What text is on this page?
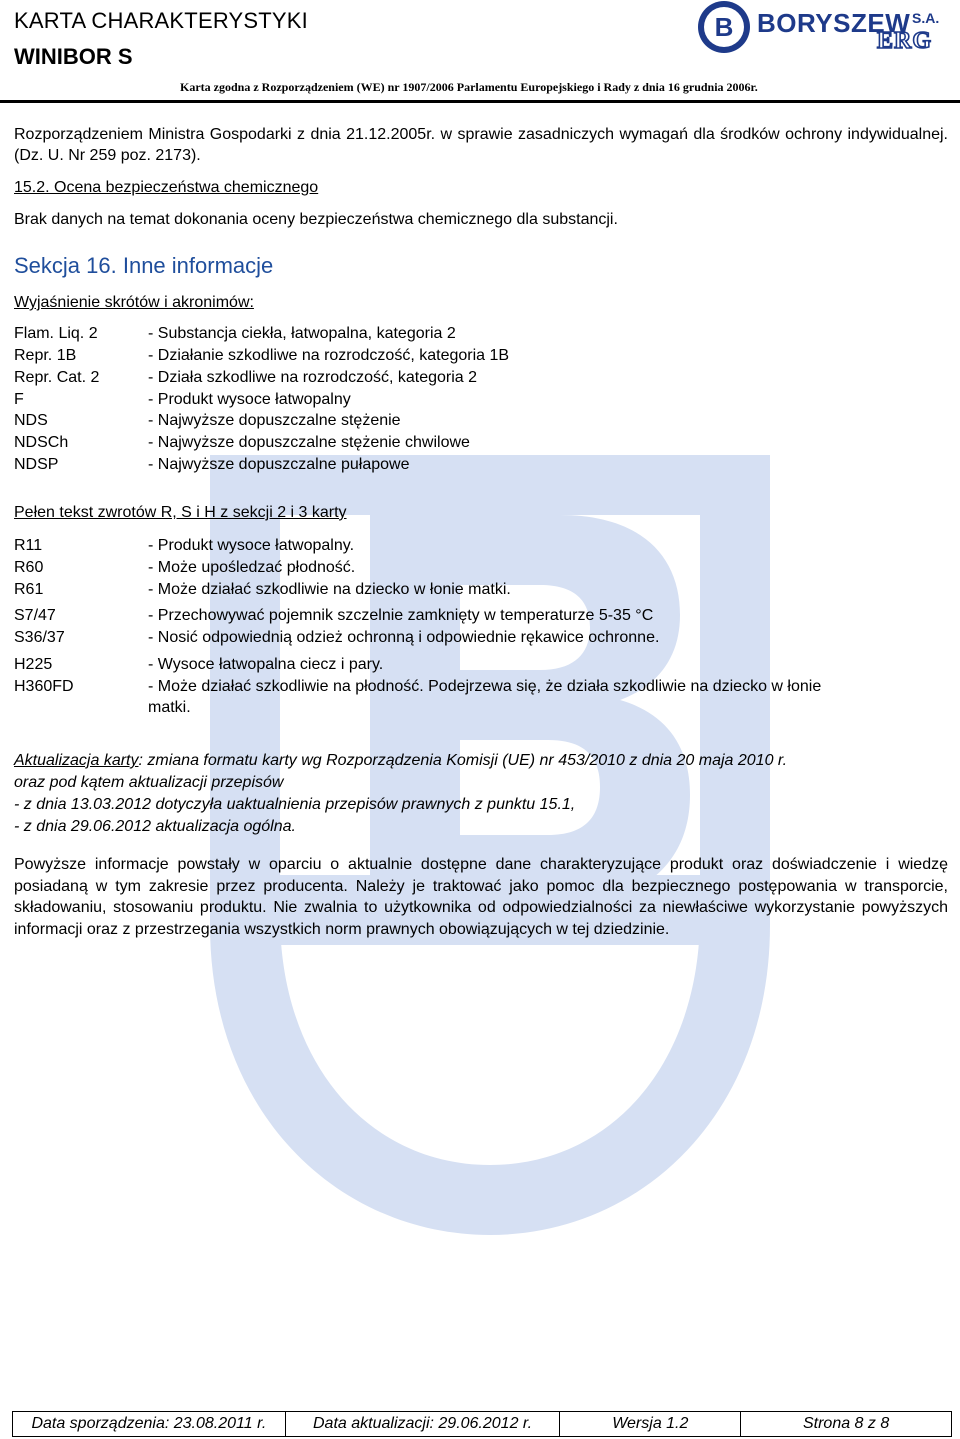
KARTA CHARAKTERYSTYKI
WINIBOR S
B BORYSZEW S.A.
ERG
Karta zgodna z Rozporządzeniem (WE) nr 1907/2006 Parlamentu Europejskiego i Rady z dnia 16 grudnia 2006r.
Rozporządzeniem Ministra Gospodarki z dnia 21.12.2005r. w sprawie zasadniczych wymagań dla środków ochrony indywidualnej. (Dz. U. Nr 259 poz. 2173).
15.2. Ocena bezpieczeństwa chemicznego
Brak danych na temat dokonania oceny bezpieczeństwa chemicznego dla substancji.
Sekcja 16. Inne informacje
Wyjaśnienie skrótów i akronimów:
Flam. Liq. 2	- Substancja ciekła, łatwopalna, kategoria 2
Repr. 1B	- Działanie szkodliwe na rozrodczość, kategoria 1B
Repr. Cat. 2	- Działa szkodliwe na rozrodczość, kategoria 2
F	- Produkt wysoce łatwopalny
NDS	- Najwyższe dopuszczalne stężenie
NDSCh	- Najwyższe dopuszczalne stężenie chwilowe
NDSP	- Najwyższe dopuszczalne pułapowe
Pełen tekst zwrotów R, S i H z sekcji 2 i 3 karty
R11	- Produkt wysoce łatwopalny.
R60	- Może upośledzać płodność.
R61	- Może działać szkodliwie na dziecko w łonie matki.
S7/47	- Przechowywać pojemnik szczelnie zamknięty w temperaturze 5-35 °C
S36/37	- Nosić odpowiednią odzież ochronną i odpowiednie rękawice ochronne.
H225	- Wysoce łatwopalna ciecz i pary.
H360FD	- Może działać szkodliwie na płodność. Podejrzewa się, że działa szkodliwie na dziecko w łonie
matki.
Aktualizacja karty: zmiana formatu karty wg Rozporządzenia Komisji (UE) nr 453/2010 z dnia 20 maja 2010 r.
oraz pod kątem aktualizacji przepisów
- z dnia 13.03.2012 dotyczyła uaktualnienia przepisów prawnych z punktu 15.1,
- z dnia 29.06.2012 aktualizacja ogólna.
Powyższe informacje powstały w oparciu o aktualnie dostępne dane charakteryzujące produkt oraz doświadczenie i wiedzę posiadaną w tym zakresie przez producenta. Należy je traktować jako pomoc dla bezpiecznego postępowania w transporcie, składowaniu, stosowaniu produktu. Nie zwalnia to użytkownika od odpowiedzialności za niewłaściwe wykorzystanie powyższych informacji oraz z przestrzegania wszystkich norm prawnych obowiązujących w tej dziedzinie.
Data sporządzenia: 23.08.2011 r.	Data aktualizacji: 29.06.2012 r.	Wersja 1.2	Strona 8 z 8
